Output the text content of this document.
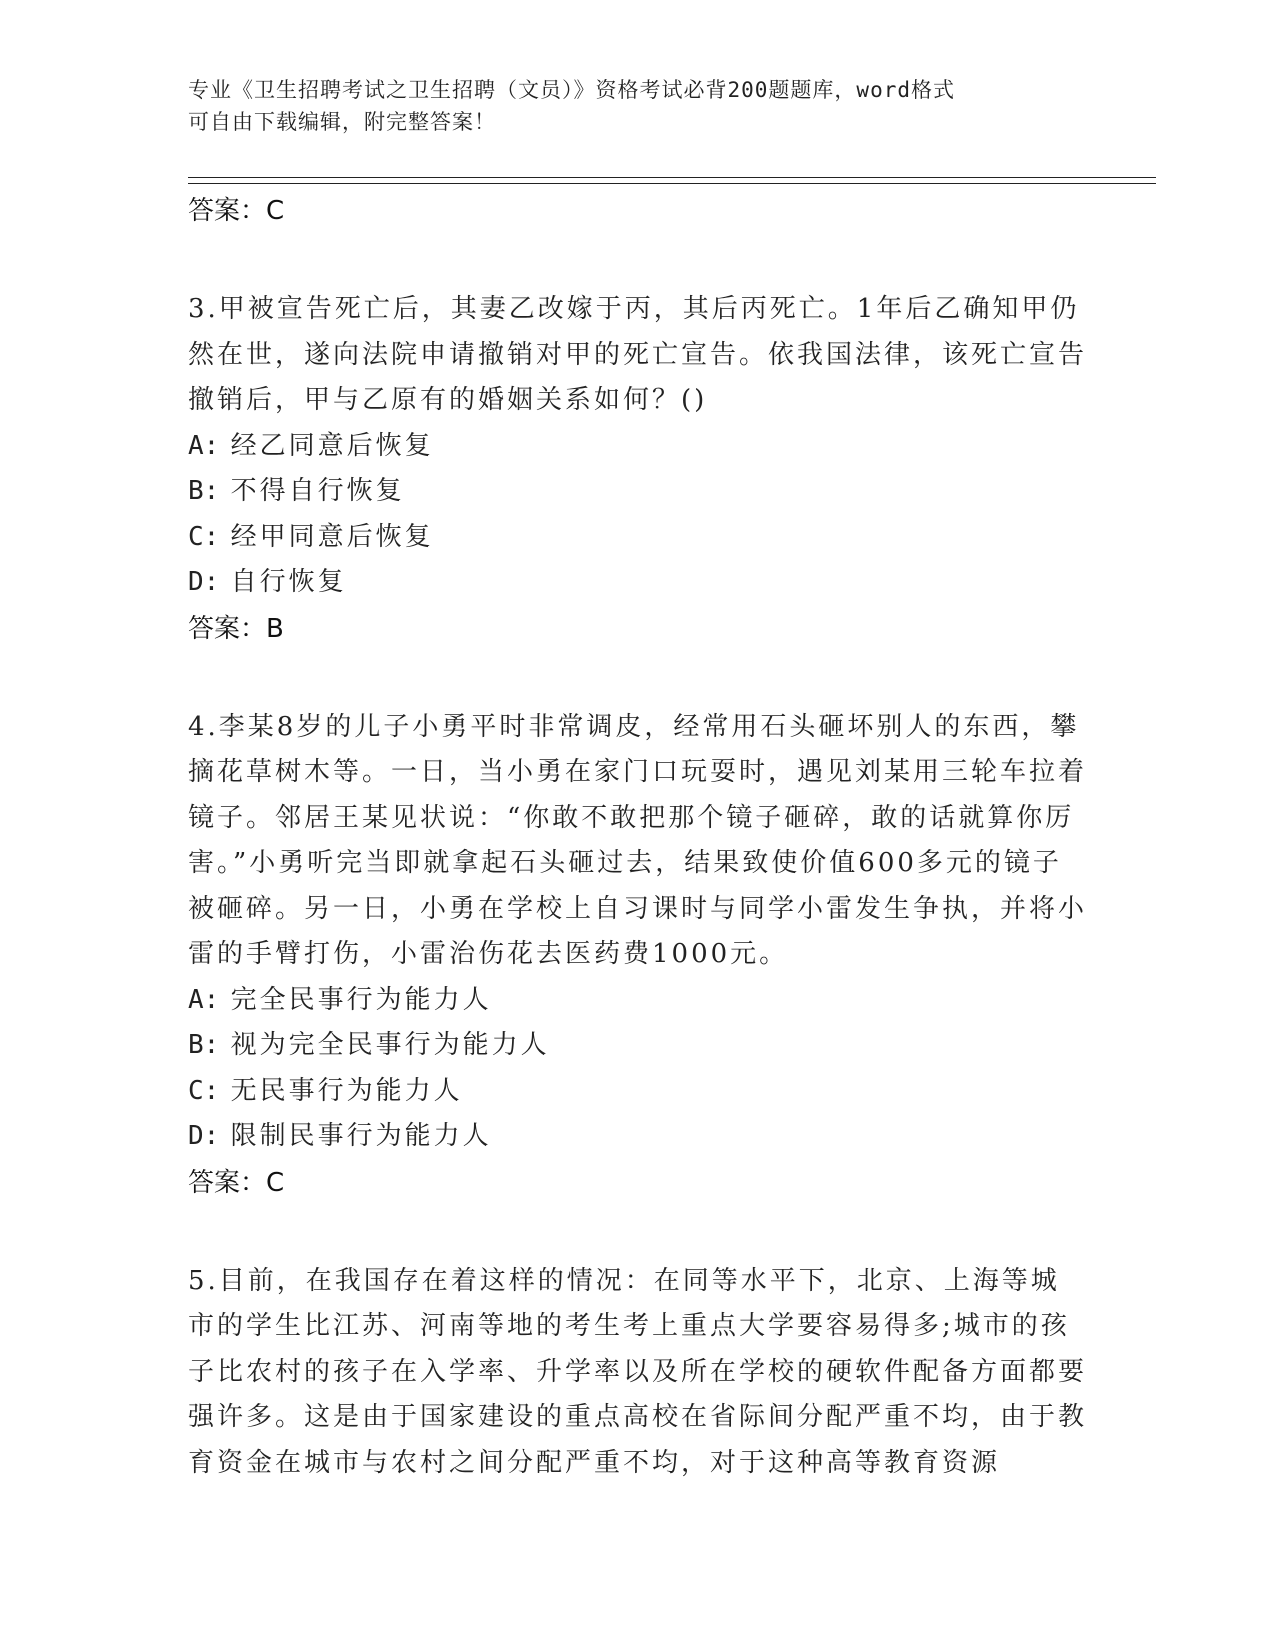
专业《卫生招聘考试之卫生招聘（文员）》资格考试必背200题题库，word格式
可自由下载编辑，附完整答案！
答案：C
3.甲被宣告死亡后，其妻乙改嫁于丙，其后丙死亡。1年后乙确知甲仍然在世，遂向法院申请撤销对甲的死亡宣告。依我国法律，该死亡宣告撤销后，甲与乙原有的婚姻关系如何？()
A: 经乙同意后恢复
B: 不得自行恢复
C: 经甲同意后恢复
D: 自行恢复
答案：B
4.李某8岁的儿子小勇平时非常调皮，经常用石头砸坏别人的东西，攀摘花草树木等。一日，当小勇在家门口玩耍时，遇见刘某用三轮车拉着镜子。邻居王某见状说：“你敢不敢把那个镜子砸碎，敢的话就算你厉害。”小勇听完当即就拿起石头砸过去，结果致使价值600多元的镜子被砸碎。另一日，小勇在学校上自习课时与同学小雷发生争执，并将小雷的手臂打伤，小雷治伤花去医药费1000元。
A: 完全民事行为能力人
B: 视为完全民事行为能力人
C: 无民事行为能力人
D: 限制民事行为能力人
答案：C
5.目前，在我国存在着这样的情况：在同等水平下，北京、上海等城市的学生比江苏、河南等地的考生考上重点大学要容易得多;城市的孩子比农村的孩子在入学率、升学率以及所在学校的硬软件配备方面都要强许多。这是由于国家建设的重点高校在省际间分配严重不均，由于教育资金在城市与农村之间分配严重不均，对于这种高等教育资源
